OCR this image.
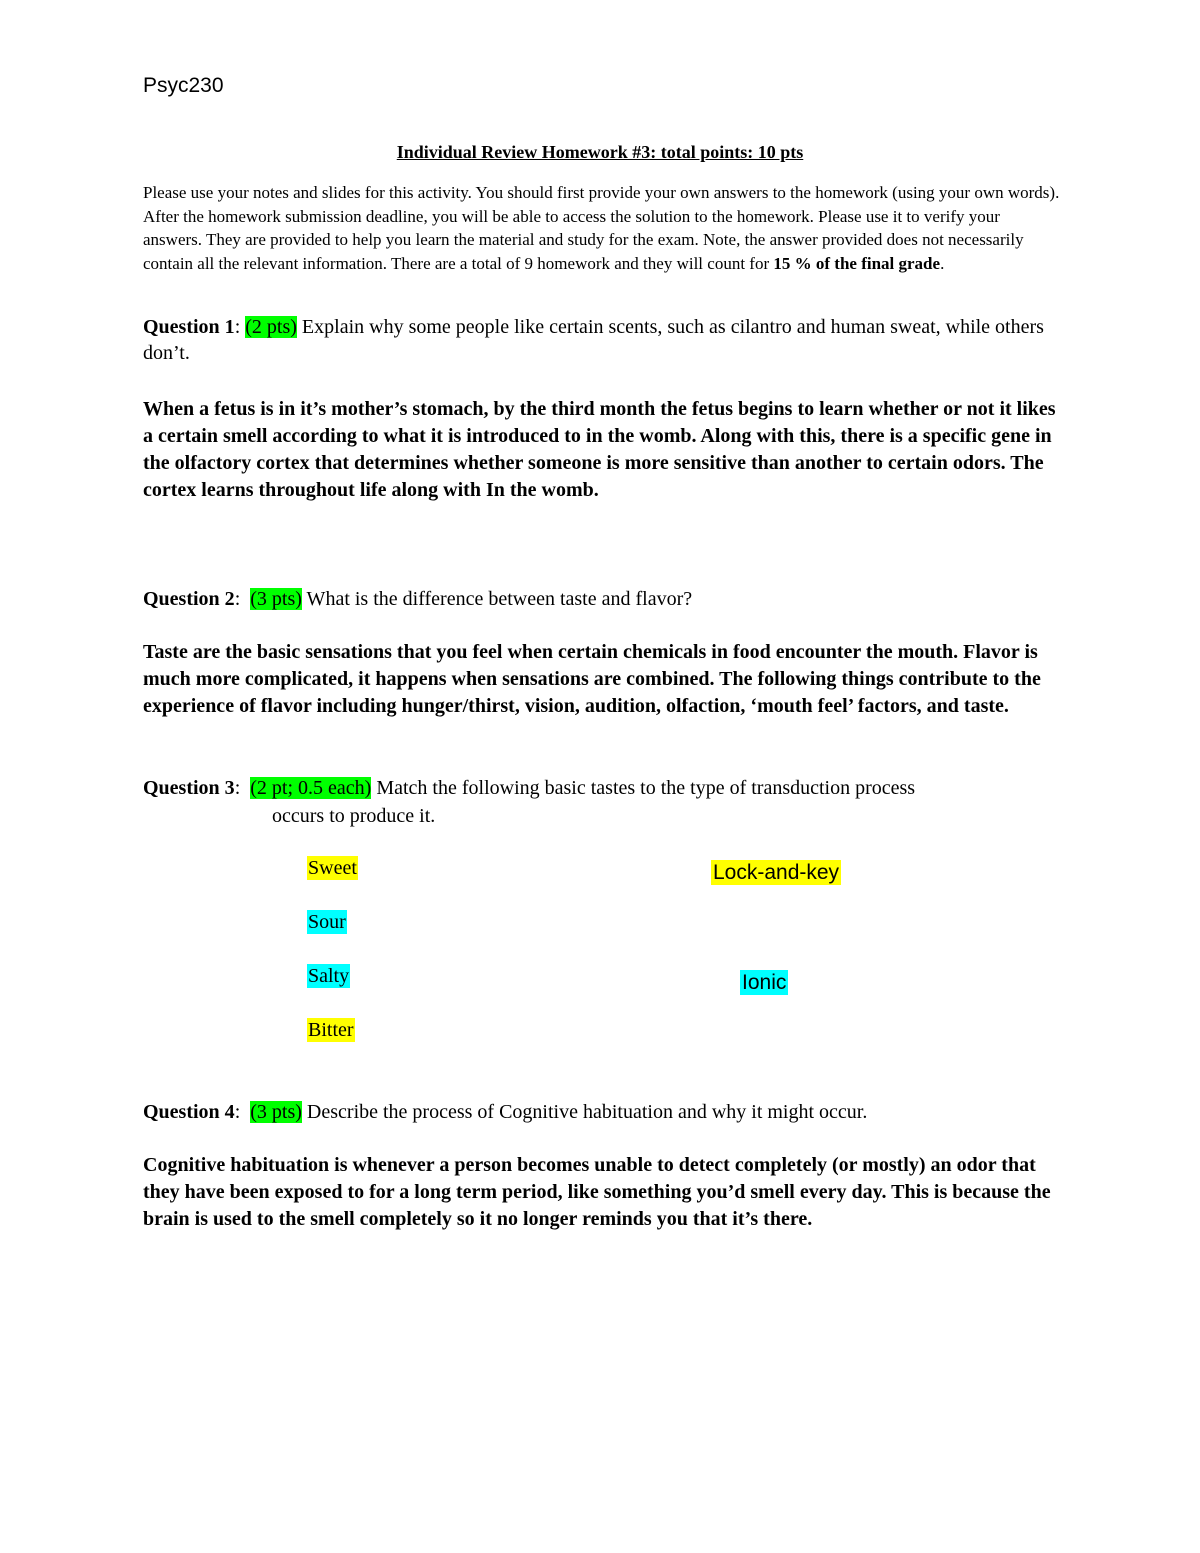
Psyc230
Individual Review Homework #3: total points: 10 pts
Please use your notes and slides for this activity. You should first provide your own answers to the homework (using your own words). After the homework submission deadline, you will be able to access the solution to the homework. Please use it to verify your answers. They are provided to help you learn the material and study for the exam. Note, the answer provided does not necessarily contain all the relevant information. There are a total of 9 homework and they will count for 15 % of the final grade.
Question 1: (2 pts) Explain why some people like certain scents, such as cilantro and human sweat, while others don’t.
When a fetus is in it’s mother’s stomach, by the third month the fetus begins to learn whether or not it likes a certain smell according to what it is introduced to in the womb. Along with this, there is a specific gene in the olfactory cortex that determines whether someone is more sensitive than another to certain odors. The cortex learns throughout life along with In the womb.
Question 2:  (3 pts) What is the difference between taste and flavor?
Taste are the basic sensations that you feel when certain chemicals in food encounter the mouth. Flavor is much more complicated, it happens when sensations are combined. The following things contribute to the experience of flavor including hunger/thirst, vision, audition, olfaction, ‘mouth feel’ factors, and taste.
Question 3:  (2 pt; 0.5 each) Match the following basic tastes to the type of transduction process
occurs to produce it.
Sweet
Sour
Salty
Bitter
Lock-and-key
Ionic
Question 4:  (3 pts) Describe the process of Cognitive habituation and why it might occur.
Cognitive habituation is whenever a person becomes unable to detect completely (or mostly) an odor that they have been exposed to for a long term period, like something you’d smell every day. This is because the brain is used to the smell completely so it no longer reminds you that it’s there.
